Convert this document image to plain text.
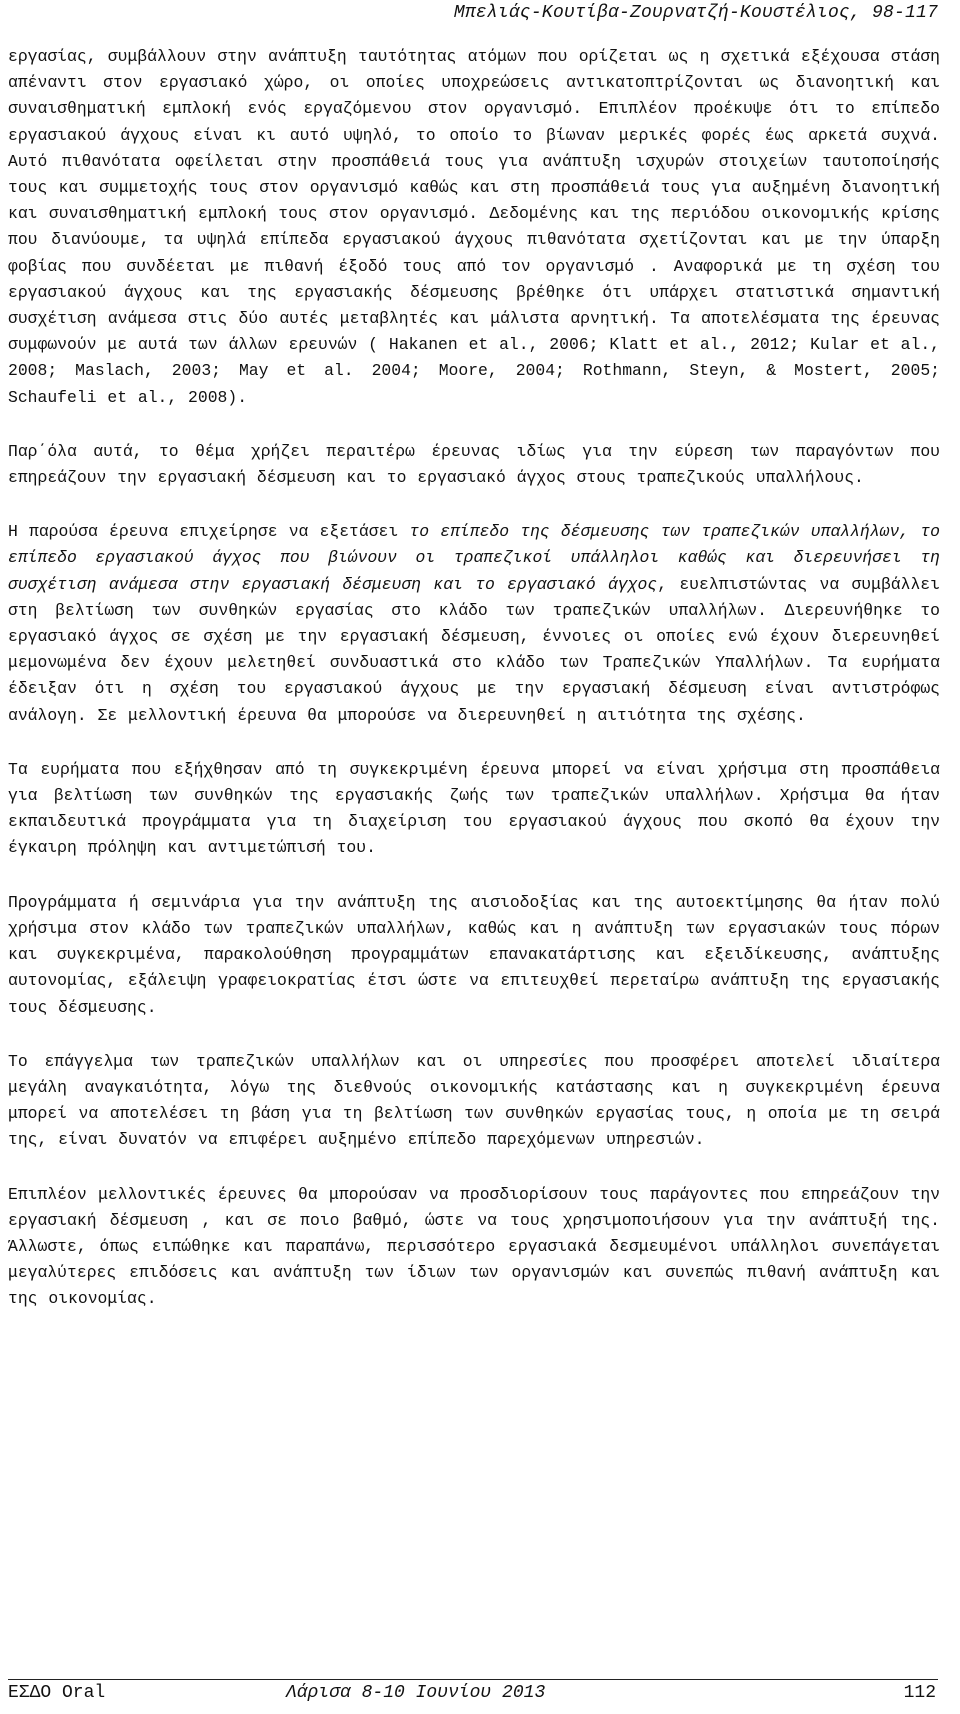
Μπελιάς-Κουτίβα-Ζουρνατζή-Κουστέλιος, 98-117

εργασίας, συμβάλλουν στην ανάπτυξη ταυτότητας ατόμων που ορίζεται ως η σχετικά εξέχουσα στάση απέναντι στον εργασιακό χώρο, οι οποίες υποχρεώσεις αντικατοπτρίζονται ως διανοητική και συναισθηματική εμπλοκή ενός εργαζόμενου στον οργανισμό. Επιπλέον προέκυψε ότι το επίπεδο εργασιακού άγχους είναι κι αυτό υψηλό, το οποίο το βίωναν μερικές φορές έως αρκετά συχνά. Αυτό πιθανότατα οφείλεται στην προσπάθειά τους για ανάπτυξη ισχυρών στοιχείων ταυτοποίησής τους και συμμετοχής τους στον οργανισμό καθώς και στη προσπάθειά τους για αυξημένη διανοητική και συναισθηματική εμπλοκή τους στον οργανισμό. Δεδομένης και της περιόδου οικονομικής κρίσης που διανύουμε, τα υψηλά επίπεδα εργασιακού άγχους πιθανότατα σχετίζονται και με την ύπαρξη φοβίας που συνδέεται με πιθανή έξοδό τους από τον οργανισμό . Αναφορικά με τη σχέση του εργασιακού άγχους και της εργασιακής δέσμευσης βρέθηκε ότι υπάρχει στατιστικά σημαντική συσχέτιση ανάμεσα στις δύο αυτές μεταβλητές και μάλιστα αρνητική. Τα αποτελέσματα της έρευνας συμφωνούν με αυτά των άλλων ερευνών ( Hakanen et al., 2006; Klatt et al., 2012; Kular et al., 2008; Maslach, 2003; May et al. 2004; Moore, 2004; Rothmann, Steyn, & Mostert, 2005; Schaufeli et al., 2008).

Παρ΄όλα αυτά, το θέμα χρήζει περαιτέρω έρευνας ιδίως για την εύρεση των παραγόντων που επηρεάζουν την εργασιακή δέσμευση και το εργασιακό άγχος στους τραπεζικούς υπαλλήλους.

Η παρούσα έρευνα επιχείρησε να εξετάσει το επίπεδο της δέσμευσης των τραπεζικών υπαλλήλων, το επίπεδο εργασιακού άγχος που βιώνουν οι τραπεζικοί υπάλληλοι καθώς και διερευνήσει τη συσχέτιση ανάμεσα στην εργασιακή δέσμευση και το εργασιακό άγχος, ευελπιστώντας να συμβάλλει στη βελτίωση των συνθηκών εργασίας στο κλάδο των τραπεζικών υπαλλήλων. Διερευνήθηκε το εργασιακό άγχος σε σχέση με την εργασιακή δέσμευση, έννοιες οι οποίες ενώ έχουν διερευνηθεί μεμονωμένα δεν έχουν μελετηθεί συνδυαστικά στο κλάδο των Τραπεζικών Υπαλλήλων. Τα ευρήματα έδειξαν ότι η σχέση του εργασιακού άγχους με την εργασιακή δέσμευση είναι αντιστρόφως ανάλογη. Σε μελλοντική έρευνα θα μπορούσε να διερευνηθεί η αιτιότητα της σχέσης.

Τα ευρήματα που εξήχθησαν από τη συγκεκριμένη έρευνα μπορεί να είναι χρήσιμα στη προσπάθεια για βελτίωση των συνθηκών της εργασιακής ζωής των τραπεζικών υπαλλήλων. Χρήσιμα θα ήταν εκπαιδευτικά προγράμματα για τη διαχείριση του εργασιακού άγχους που σκοπό θα έχουν την έγκαιρη πρόληψη και αντιμετώπισή του.

Προγράμματα ή σεμινάρια για την ανάπτυξη της αισιοδοξίας και της αυτοεκτίμησης θα ήταν πολύ χρήσιμα στον κλάδο των τραπεζικών υπαλλήλων, καθώς και η ανάπτυξη των εργασιακών τους πόρων και συγκεκριμένα, παρακολούθηση προγραμμάτων επανακατάρτισης και εξειδίκευσης, ανάπτυξης αυτονομίας, εξάλειψη γραφειοκρατίας έτσι ώστε να επιτευχθεί περεταίρω ανάπτυξη της εργασιακής τους δέσμευσης.

Το επάγγελμα των τραπεζικών υπαλλήλων και οι υπηρεσίες που προσφέρει αποτελεί ιδιαίτερα μεγάλη αναγκαιότητα, λόγω της διεθνούς οικονομικής κατάστασης και η συγκεκριμένη έρευνα μπορεί να αποτελέσει τη βάση για τη βελτίωση των συνθηκών εργασίας τους, η οποία με τη σειρά της, είναι δυνατόν να επιφέρει αυξημένο επίπεδο παρεχόμενων υπηρεσιών.

Επιπλέον μελλοντικές έρευνες θα μπορούσαν να προσδιορίσουν τους παράγοντες που επηρεάζουν την εργασιακή δέσμευση , και σε ποιο βαθμό, ώστε να τους χρησιμοποιήσουν για την ανάπτυξή της. Άλλωστε, όπως ειπώθηκε και παραπάνω, περισσότερο εργασιακά δεσμευμένοι υπάλληλοι συνεπάγεται μεγαλύτερες επιδόσεις και ανάπτυξη των ίδιων των οργανισμών και συνεπώς πιθανή ανάπτυξη και της οικονομίας.

ΕΣΔΟ Oral	Λάρισα 8-10 Ιουνίου 2013	112
